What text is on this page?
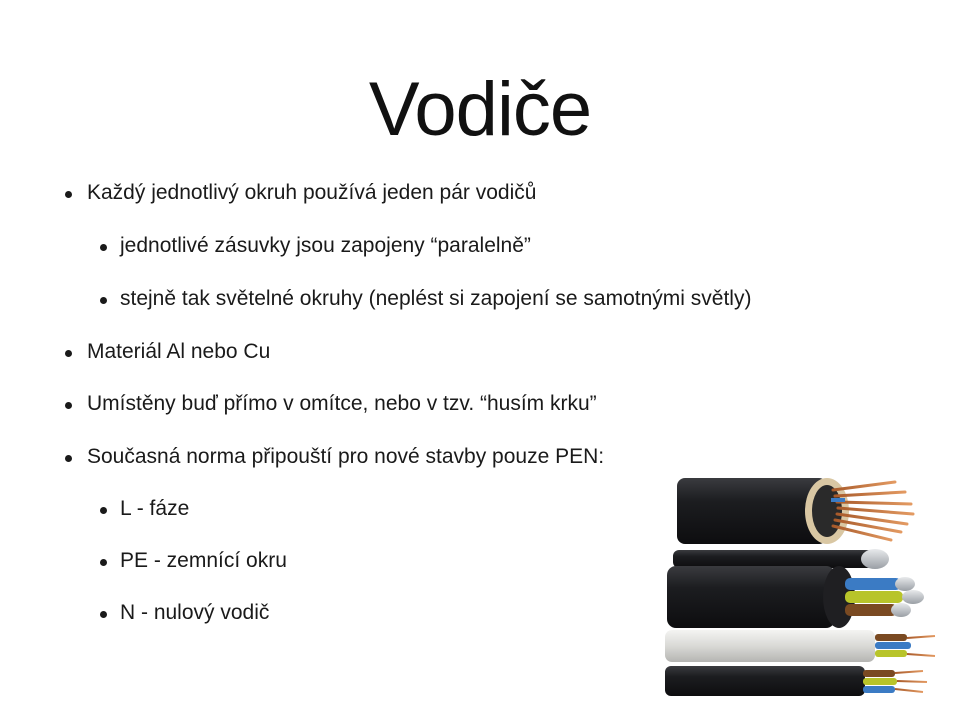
Vodiče
Každý jednotlivý okruh používá jeden pár vodičů
jednotlivé zásuvky jsou zapojeny “paralelně”
stejně tak světelné okruhy (neplést si zapojení se samotnými světly)
Materiál Al nebo Cu
Umístěny buď přímo v omítce, nebo v tzv. “husím krku”
Současná norma připouští pro nové stavby pouze PEN:
L - fáze
PE - zemnící okru
N - nulový vodič
